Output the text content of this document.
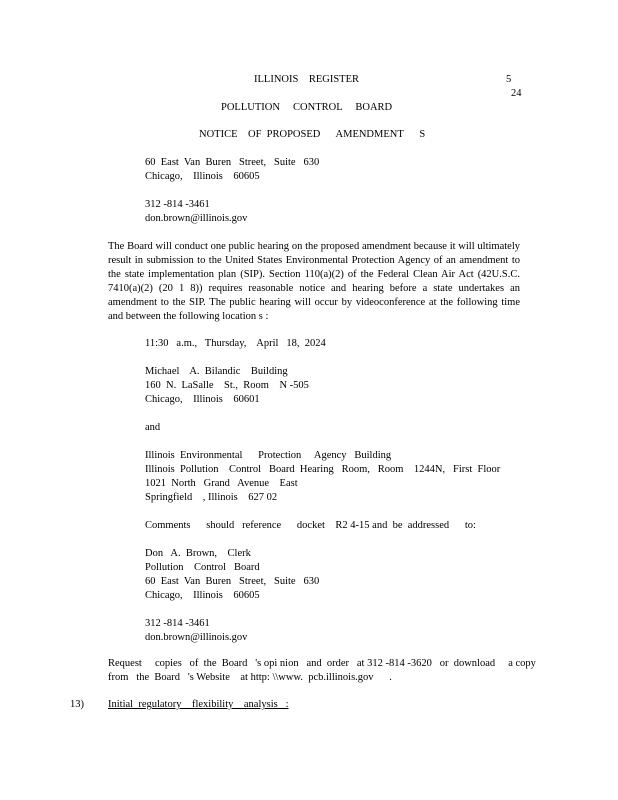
ILLINOIS    REGISTER	5
24
POLLUTION     CONTROL     BOARD
NOTICE    OF  PROPOSED      AMENDMENT      S
60  East  Van  Buren   Street,   Suite   630
Chicago,    Illinois    60605
312 -814 -3461
don.brown@illinois.gov
The Board will conduct one public hearing on the proposed amendment because it will ultimately result in submission to the United States Environmental Protection Agency of an amendment to the state implementation plan (SIP). Section 110(a)(2) of the Federal Clean Air Act (42U.S.C. 7410(a)(2) (20 1 8)) requires reasonable notice and hearing before a state undertakes an amendment to the SIP. The public hearing will occur by videoconference at the following time and between the following location s :
11:30   a.m.,   Thursday,    April   18,  2024
Michael    A.  Bilandic    Building
160  N.  LaSalle    St.,  Room    N -505
Chicago,    Illinois    60601
and
Illinois  Environmental      Protection     Agency   Building
Illinois  Pollution    Control   Board  Hearing   Room,   Room    1244N,   First  Floor
1021  North   Grand   Avenue    East
Springfield    , Illinois    627 02
Comments      should   reference      docket    R2 4-15 and  be  addressed      to:
Don   A.  Brown,    Clerk
Pollution    Control   Board
60  East  Van  Buren   Street,   Suite   630
Chicago,    Illinois    60605
312 -814 -3461
don.brown@illinois.gov
Request     copies   of  the  Board   's opi nion   and  order   at 312 -814 -3620   or  download     a copy
from   the  Board   's Website    at http: \\www.  pcb.illinois.gov      .
13) Initial  regulatory    flexibility    analysis   :
